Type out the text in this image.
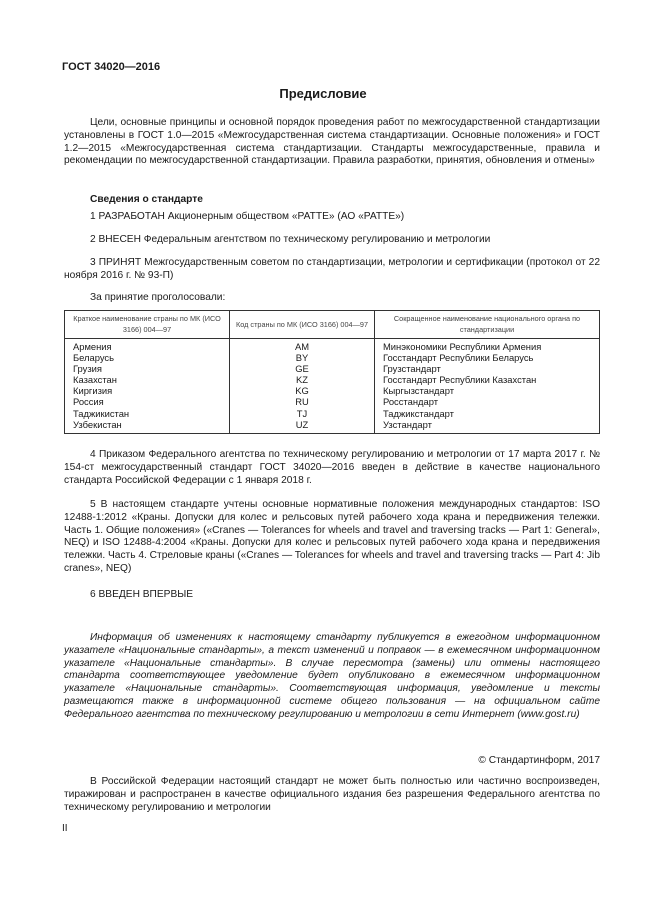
ГОСТ 34020—2016
Предисловие
Цели, основные принципы и основной порядок проведения работ по межгосударственной стандартизации установлены в ГОСТ 1.0—2015 «Межгосударственная система стандартизации. Основные положения» и ГОСТ 1.2—2015 «Межгосударственная система стандартизации. Стандарты межгосударственные, правила и рекомендации по межгосударственной стандартизации. Правила разработки, принятия, обновления и отмены»
Сведения о стандарте
1 РАЗРАБОТАН Акционерным обществом «РАТТЕ» (АО «РАТТЕ»)
2 ВНЕСЕН Федеральным агентством по техническому регулированию и метрологии
3 ПРИНЯТ Межгосударственным советом по стандартизации, метрологии и сертификации (протокол от 22 ноября 2016 г. № 93-П)
За принятие проголосовали:
Краткое наименование страны по МК (ИСО 3166) 004—97	Код страны по МК (ИСО 3166) 004—97	Сокращенное наименование национального органа по стандартизации
Армения	AM	Минэкономики Республики Армения
Беларусь	BY	Госстандарт Республики Беларусь
Грузия	GE	Грузстандарт
Казахстан	KZ	Госстандарт Республики Казахстан
Киргизия	KG	Кыргызстандарт
Россия	RU	Росстандарт
Таджикистан	TJ	Таджикстандарт
Узбекистан	UZ	Узстандарт
4 Приказом Федерального агентства по техническому регулированию и метрологии от 17 марта 2017 г. № 154-ст межгосударственный стандарт ГОСТ 34020—2016 введен в действие в качестве национального стандарта Российской Федерации с 1 января 2018 г.
5 В настоящем стандарте учтены основные нормативные положения международных стандартов: ISO 12488-1:2012 «Краны. Допуски для колес и рельсовых путей рабочего хода крана и передвижения тележки. Часть 1. Общие положения» («Cranes — Tolerances for wheels and travel and traversing tracks — Part 1: General», NEQ) и ISO 12488-4:2004 «Краны. Допуски для колес и рельсовых путей рабочего хода крана и передвижения тележки. Часть 4. Стреловые краны («Cranes — Tolerances for wheels and travel and traversing tracks — Part 4: Jib cranes», NEQ)
6 ВВЕДЕН ВПЕРВЫЕ
Информация об изменениях к настоящему стандарту публикуется в ежегодном информационном указателе «Национальные стандарты», а текст изменений и поправок — в ежемесячном информационном указателе «Национальные стандарты». В случае пересмотра (замены) или отмены настоящего стандарта соответствующее уведомление будет опубликовано в ежемесячном информационном указателе «Национальные стандарты». Соответствующая информация, уведомление и тексты размещаются также в информационной системе общего пользования — на официальном сайте Федерального агентства по техническому регулированию и метрологии в сети Интернет (www.gost.ru)
© Стандартинформ, 2017
В Российской Федерации настоящий стандарт не может быть полностью или частично воспроизведен, тиражирован и распространен в качестве официального издания без разрешения Федерального агентства по техническому регулированию и метрологии
II
